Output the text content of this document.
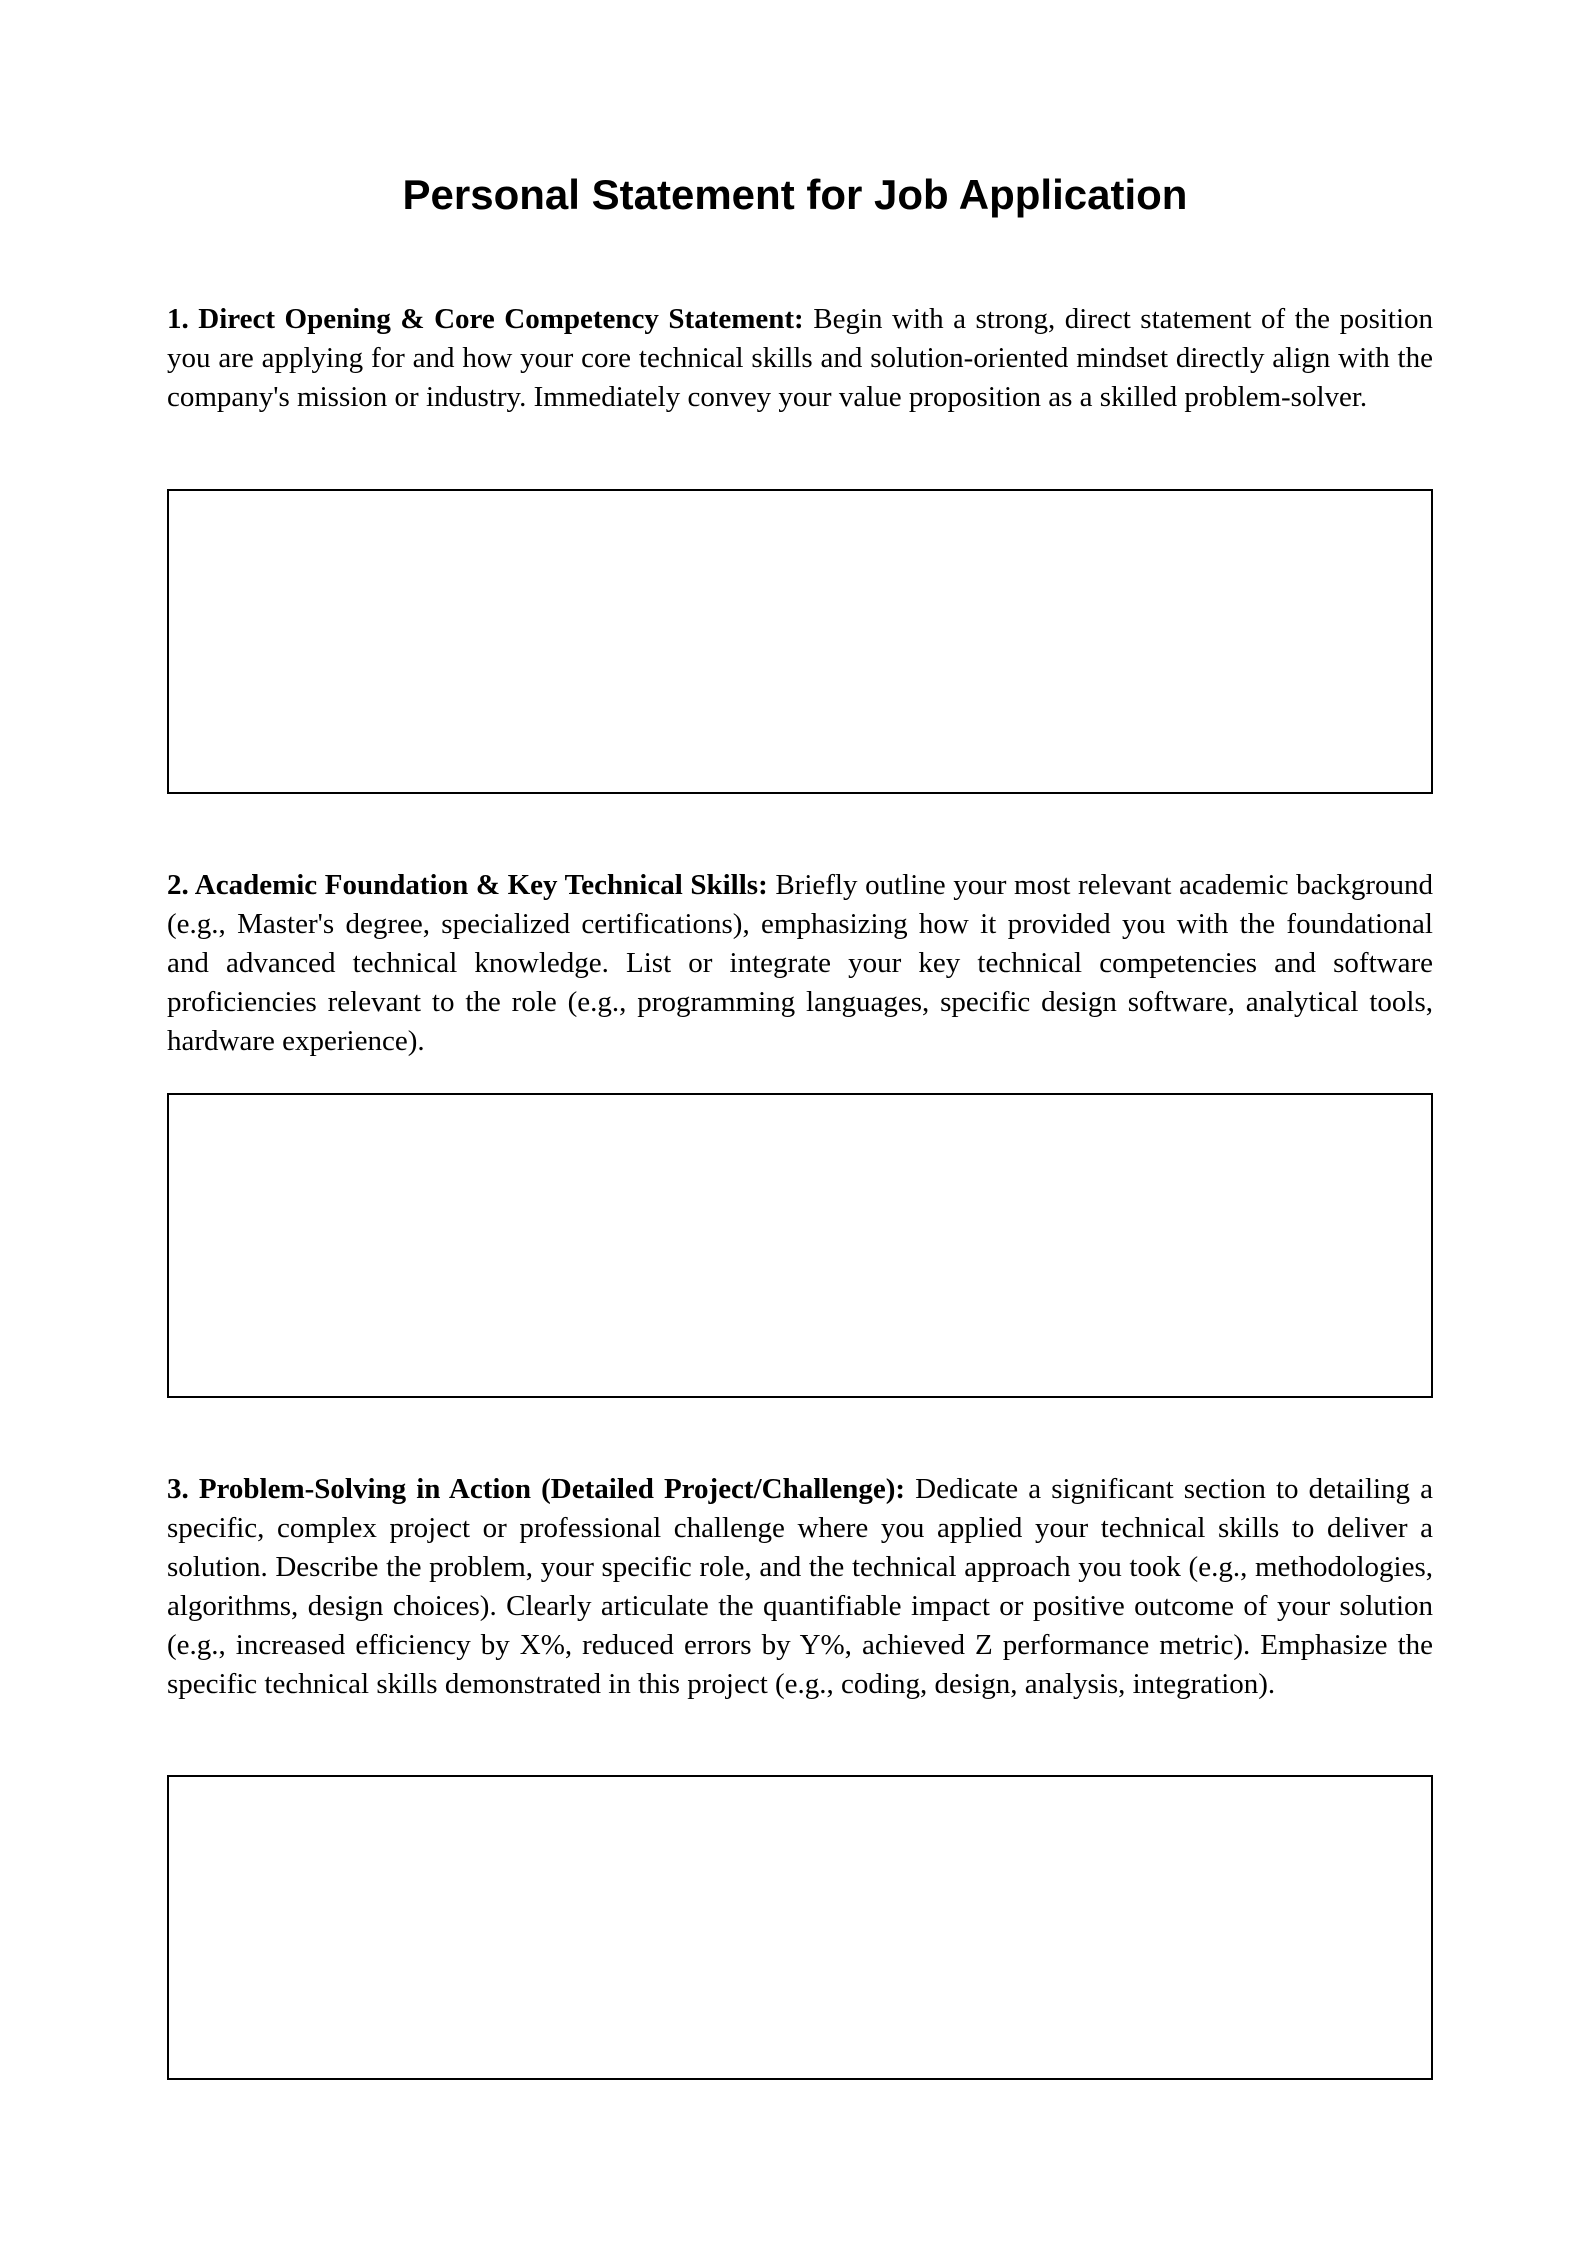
Personal Statement for Job Application

1. Direct Opening & Core Competency Statement: Begin with a strong, direct statement of the position you are applying for and how your core technical skills and solution-oriented mindset directly align with the company's mission or industry. Immediately convey your value proposition as a skilled problem-solver.

2. Academic Foundation & Key Technical Skills: Briefly outline your most relevant academic background (e.g., Master's degree, specialized certifications), emphasizing how it provided you with the foundational and advanced technical knowledge. List or integrate your key technical competencies and software proficiencies relevant to the role (e.g., programming languages, specific design software, analytical tools, hardware experience).

3. Problem-Solving in Action (Detailed Project/Challenge): Dedicate a significant section to detailing a specific, complex project or professional challenge where you applied your technical skills to deliver a solution. Describe the problem, your specific role, and the technical approach you took (e.g., methodologies, algorithms, design choices). Clearly articulate the quantifiable impact or positive outcome of your solution (e.g., increased efficiency by X%, reduced errors by Y%, achieved Z performance metric). Emphasize the specific technical skills demonstrated in this project (e.g., coding, design, analysis, integration).
